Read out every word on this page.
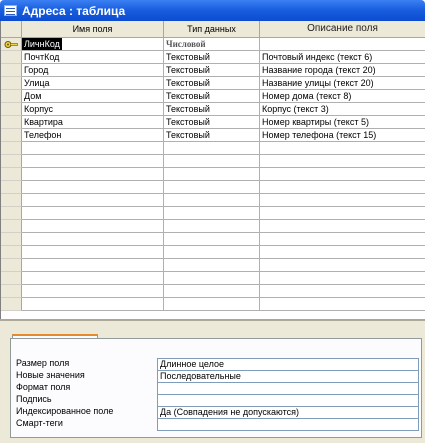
Адреса : таблица
Имя поля	Тип данных	Описание поля
ЛичнКод	Числовой
ПочтКод	Текстовый	Почтовый индекс (текст 6)
Город	Текстовый	Название города (текст 20)
Улица	Текстовый	Название улицы (текст 20)
Дом	Текстовый	Номер дома (текст 8)
Корпус	Текстовый	Корпус (текст 3)
Квартира	Текстовый	Номер квартиры (текст 5)
Телефон	Текстовый	Номер телефона (текст 15)
Размер поля	Длинное целое
Новые значения	Последовательные
Формат поля
Подпись
Индексированное поле	Да (Совпадения не допускаются)
Смарт-теги
